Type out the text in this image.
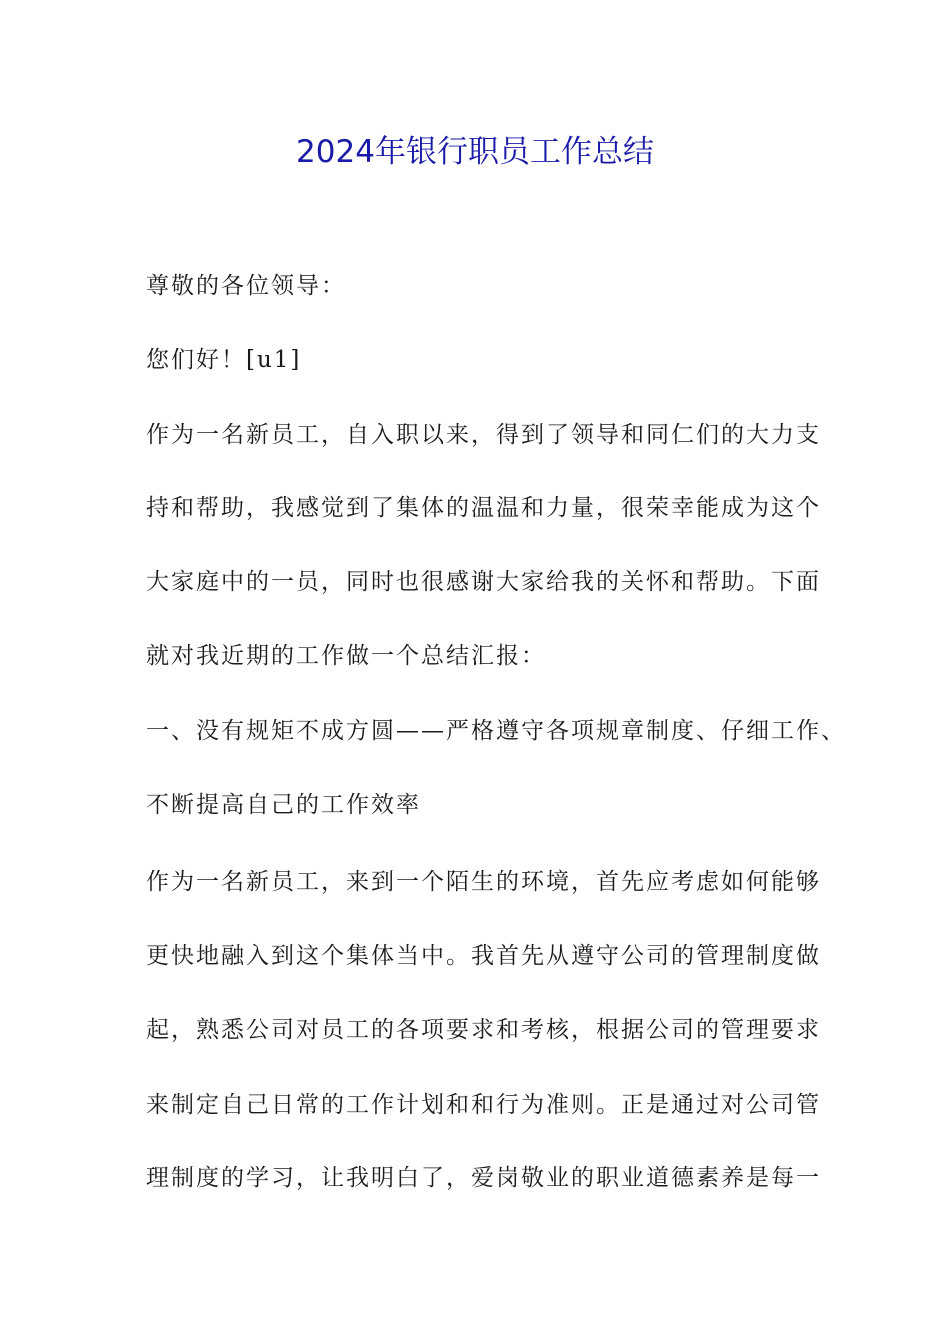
2024年银行职员工作总结

尊敬的各位领导：

您们好！[u1]

作为一名新员工，自入职以来，得到了领导和同仁们的大力支

持和帮助，我感觉到了集体的温温和力量，很荣幸能成为这个

大家庭中的一员，同时也很感谢大家给我的关怀和帮助。下面

就对我近期的工作做一个总结汇报：

一、没有规矩不成方圆——严格遵守各项规章制度、仔细工作、

不断提高自己的工作效率

作为一名新员工，来到一个陌生的环境，首先应考虑如何能够

更快地融入到这个集体当中。我首先从遵守公司的管理制度做

起，熟悉公司对员工的各项要求和考核，根据公司的管理要求

来制定自己日常的工作计划和和行为准则。正是通过对公司管

理制度的学习，让我明白了，爱岗敬业的职业道德素养是每一
